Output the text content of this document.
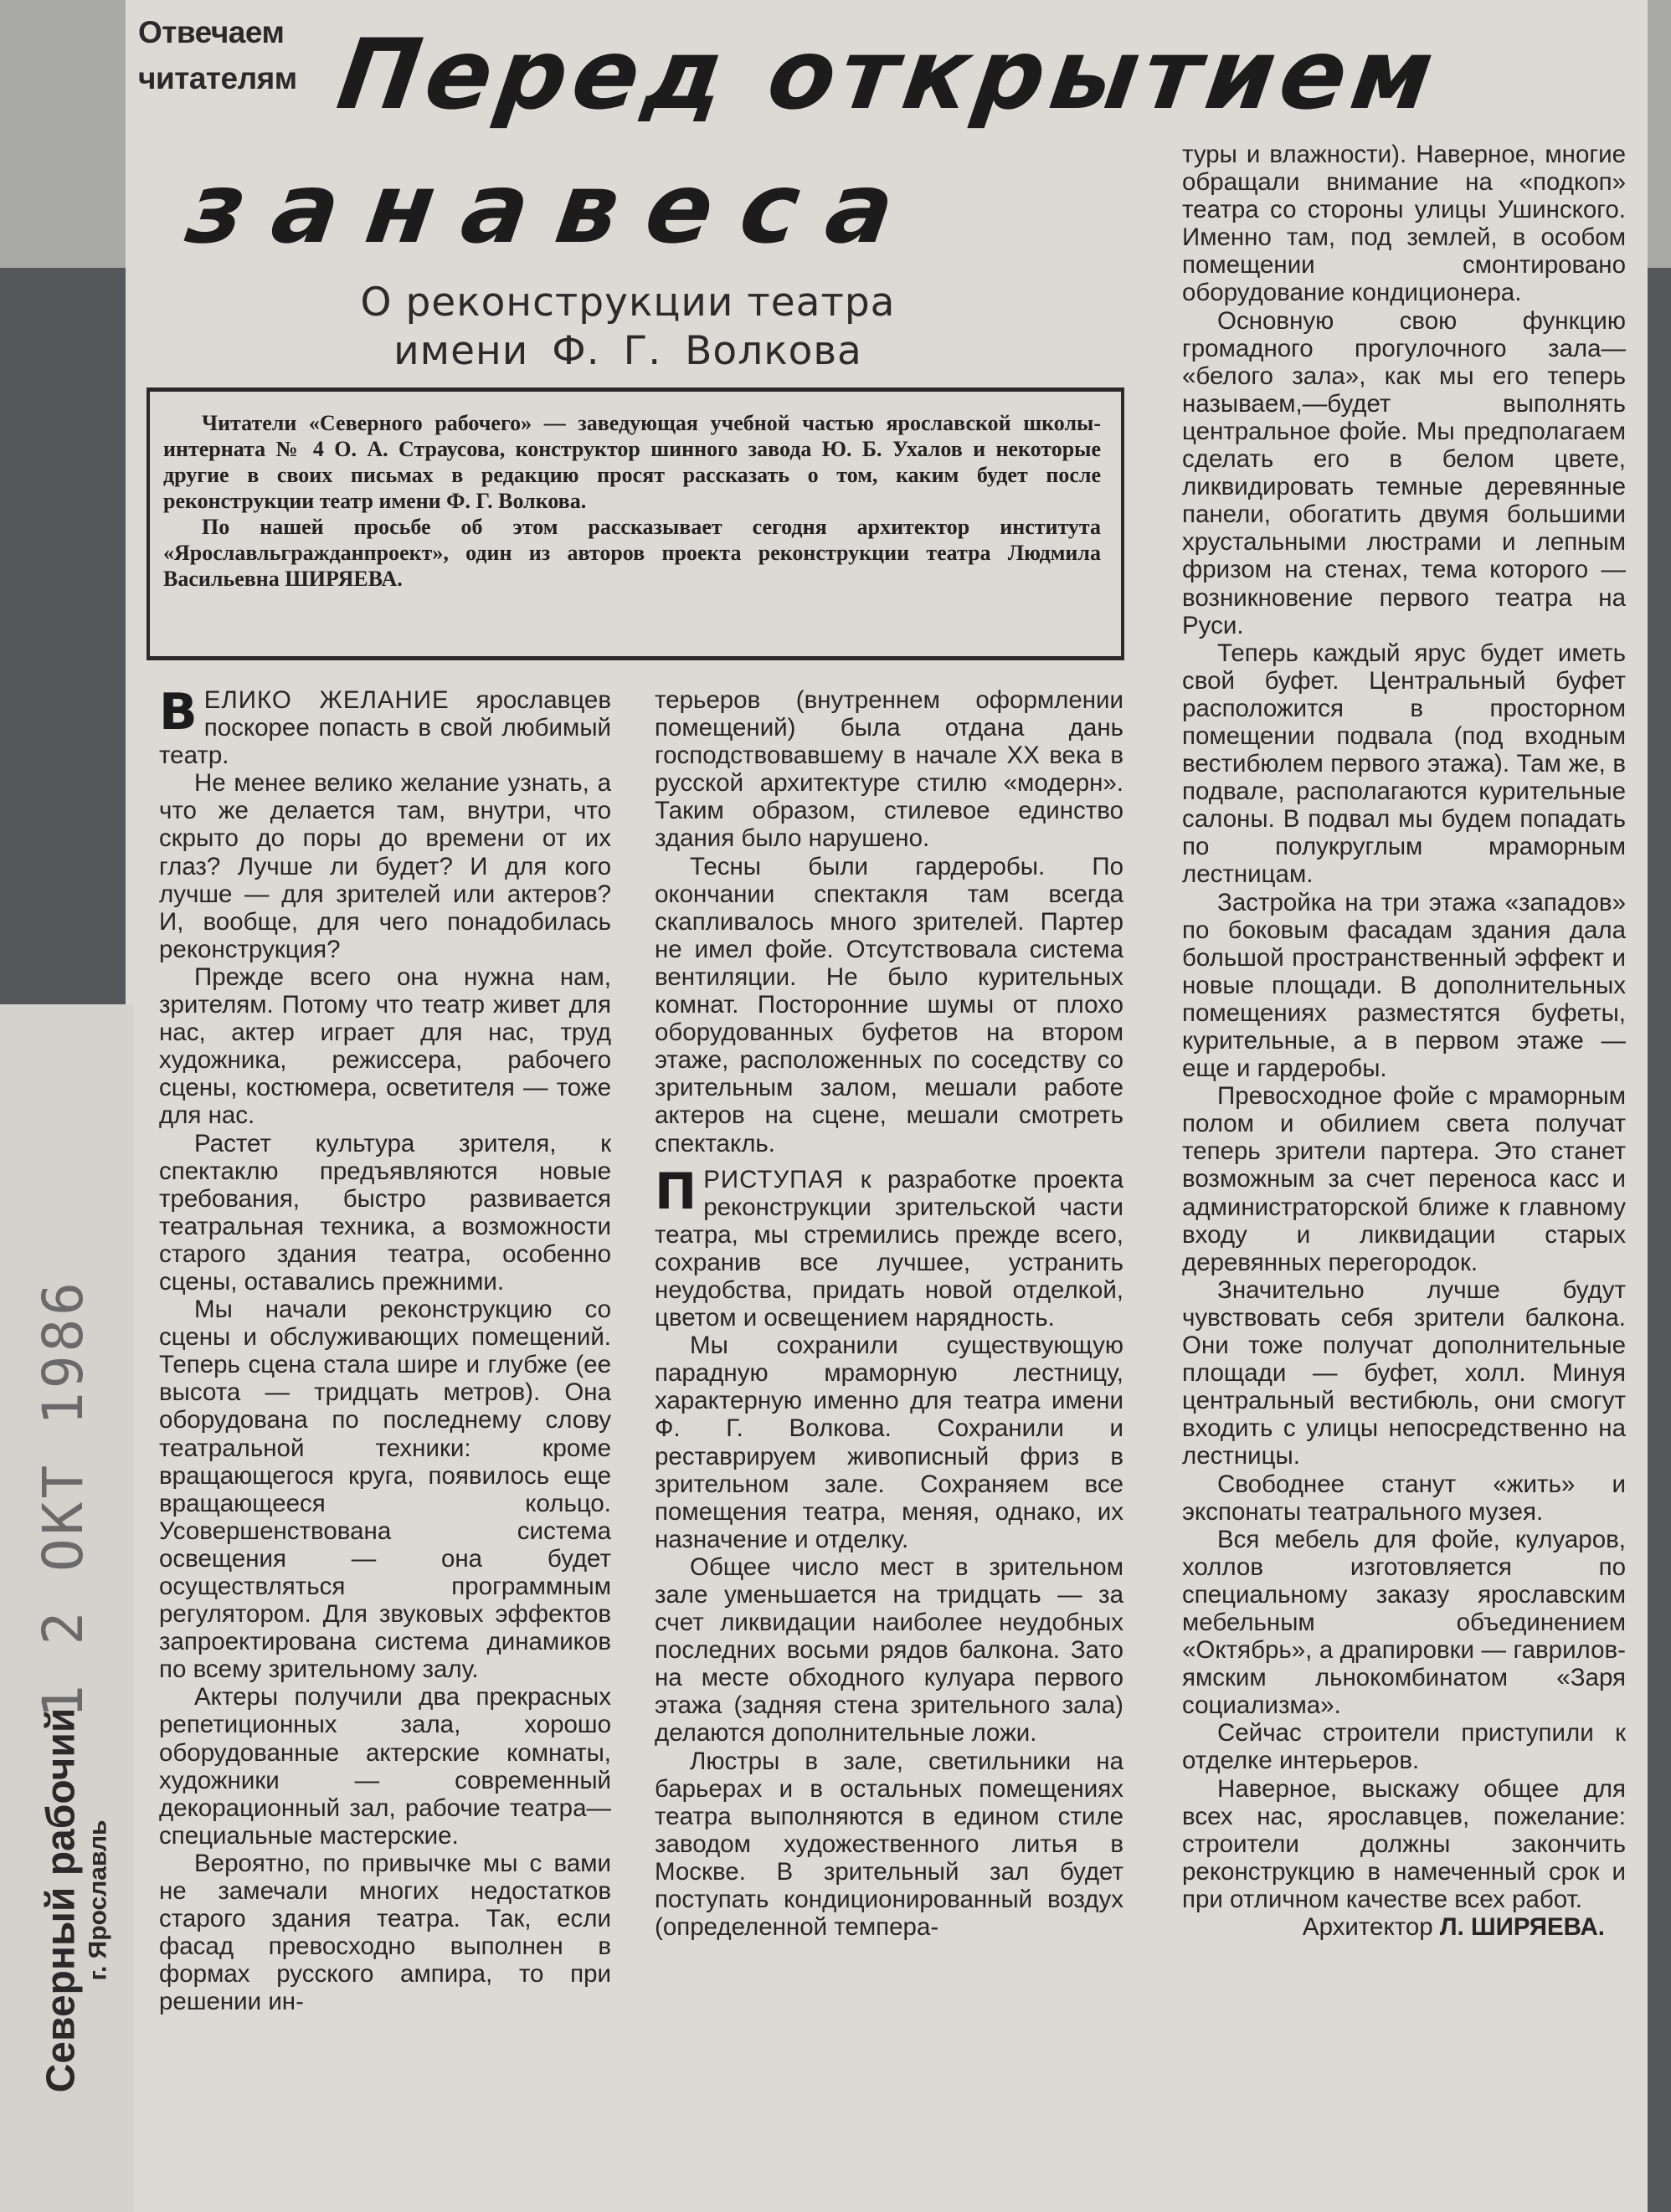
Отвечаем
читателям Перед открытием
занавеса
О реконструкции театра
имени Ф. Г. Волкова

Читатели «Северного рабочего» — заведующая учебной частью ярославской школы-интерната № 4 О. А. Страусова, конструктор шинного завода Ю. Б. Ухалов и некоторые другие в своих письмах в редакцию просят рассказать о том, каким будет после реконструкции театр имени Ф. Г. Волкова.

По нашей просьбе об этом рассказывает сегодня архитектор института «Ярославльгражданпроект», один из авторов проекта реконструкции театра Людмила Васильевна ШИРЯЕВА.

ВЕЛИКО ЖЕЛАНИЕ ярославцев поскорее попасть в свой любимый театр.

Не менее велико желание узнать, а что же делается там, внутри, что скрыто до поры до времени от их глаз? Лучше ли будет? И для кого лучше — для зрителей или актеров? И, вообще, для чего понадобилась реконструкция?

Прежде всего она нужна нам, зрителям. Потому что театр живет для нас, актер играет для нас, труд художника, режиссера, рабочего сцены, костюмера, осветителя — тоже для нас.

Растет культура зрителя, к спектаклю предъявляются новые требования, быстро развивается театральная техника, а возможности старого здания театра, особенно сцены, оставались прежними.

Мы начали реконструкцию со сцены и обслуживающих помещений. Теперь сцена стала шире и глубже (ее высота — тридцать метров). Она оборудована по последнему слову театральной техники: кроме вращающегося круга, появилось еще вращающееся кольцо. Усовершенствована система освещения — она будет осуществляться программным регулятором. Для звуковых эффектов запроектирована система динамиков по всему зрительному залу.

Актеры получили два прекрасных репетиционных зала, хорошо оборудованные актерские комнаты, художники — современный декорационный зал, рабочие театра—специальные мастерские.

Вероятно, по привычке мы с вами не замечали многих недостатков старого здания театра. Так, если фасад превосходно выполнен в формах русского ампира, то при решении ин-

терьеров (внутреннем оформлении помещений) была отдана дань господствовавшему в начале XX века в русской архитектуре стилю «модерн». Таким образом, стилевое единство здания было нарушено.

Тесны были гардеробы. По окончании спектакля там всегда скапливалось много зрителей. Партер не имел фойе. Отсутствовала система вентиляции. Не было курительных комнат. Посторонние шумы от плохо оборудованных буфетов на втором этаже, расположенных по соседству со зрительным залом, мешали работе актеров на сцене, мешали смотреть спектакль.

ПРИСТУПАЯ к разработке проекта реконструкции зрительской части театра, мы стремились прежде всего, сохранив все лучшее, устранить неудобства, придать новой отделкой, цветом и освещением нарядность.

Мы сохранили существующую парадную мраморную лестницу, характерную именно для театра имени Ф. Г. Волкова. Сохранили и реставрируем живописный фриз в зрительном зале. Сохраняем все помещения театра, меняя, однако, их назначение и отделку.

Общее число мест в зрительном зале уменьшается на тридцать — за счет ликвидации наиболее неудобных последних восьми рядов балкона. Зато на месте обходного кулуара первого этажа (задняя стена зрительного зала) делаются дополнительные ложи.

Люстры в зале, светильники на барьерах и в остальных помещениях театра выполняются в едином стиле заводом художественного литья в Москве. В зрительный зал будет поступать кондиционированный воздух (определенной темпера-

туры и влажности). Наверное, многие обращали внимание на «подкоп» театра со стороны улицы Ушинского. Именно там, под землей, в особом помещении смонтировано оборудование кондиционера.

Основную свою функцию громадного прогулочного зала— «белого зала», как мы его теперь называем,—будет выполнять центральное фойе. Мы предполагаем сделать его в белом цвете, ликвидировать темные деревянные панели, обогатить двумя большими хрустальными люстрами и лепным фризом на стенах, тема которого — возникновение первого театра на Руси.

Теперь каждый ярус будет иметь свой буфет. Центральный буфет расположится в просторном помещении подвала (под входным вестибюлем первого этажа). Там же, в подвале, располагаются курительные салоны. В подвал мы будем попадать по полукруглым мраморным лестницам.

Застройка на три этажа «западов» по боковым фасадам здания дала большой пространственный эффект и новые площади. В дополнительных помещениях разместятся буфеты, курительные, а в первом этаже — еще и гардеробы.

Превосходное фойе с мраморным полом и обилием света получат теперь зрители партера. Это станет возможным за счет переноса касс и администраторской ближе к главному входу и ликвидации старых деревянных перегородок.

Значительно лучше будут чувствовать себя зрители балкона. Они тоже получат дополнительные площади — буфет, холл. Минуя центральный вестибюль, они смогут входить с улицы непосредственно на лестницы.

Свободнее станут «жить» и экспонаты театрального музея.

Вся мебель для фойе, кулуаров, холлов изготовляется по специальному заказу ярославским мебельным объединением «Октябрь», а драпировки — гаврилов-ямским льнокомбинатом «Заря социализма».

Сейчас строители приступили к отделке интерьеров.

Наверное, выскажу общее для всех нас, ярославцев, пожелание: строители должны закончить реконструкцию в намеченный срок и при отличном качестве всех работ.

Архитектор Л. ШИРЯЕВА.

1 2 ОКТ 1986
Северный рабочий г. Ярославль
